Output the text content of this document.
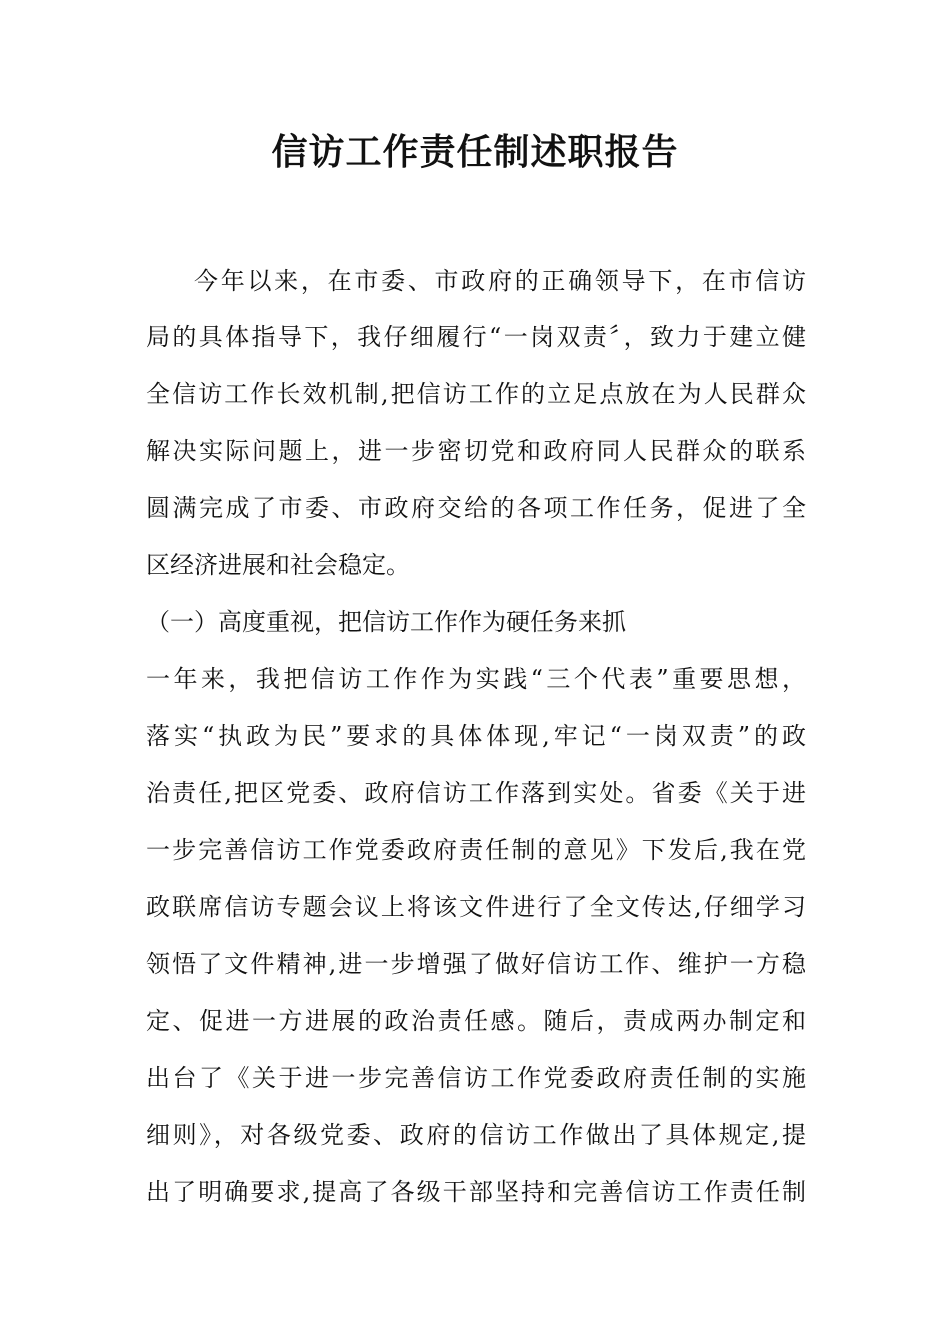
信访工作责任制述职报告

今年以来，在市委、市政府的正确领导下，在市信访

局的具体指导下，我仔细履行“一岗双责〞，致力于建立健

全信访工作长效机制,把信访工作的立足点放在为人民群众

解决实际问题上，进一步密切党和政府同人民群众的联系

圆满完成了市委、市政府交给的各项工作任务，促进了全

区经济进展和社会稳定。

（一）高度重视，把信访工作作为硬任务来抓

一年来，我把信访工作作为实践“三个代表”重要思想，

落实“执政为民”要求的具体体现,牢记“一岗双责”的政

治责任,把区党委、政府信访工作落到实处。省委《关于进

一步完善信访工作党委政府责任制的意见》下发后,我在党

政联席信访专题会议上将该文件进行了全文传达,仔细学习

领悟了文件精神,进一步增强了做好信访工作、维护一方稳

定、促进一方进展的政治责任感。随后，责成两办制定和

出台了《关于进一步完善信访工作党委政府责任制的实施

细则》，对各级党委、政府的信访工作做出了具体规定,提

出了明确要求,提高了各级干部坚持和完善信访工作责任制
